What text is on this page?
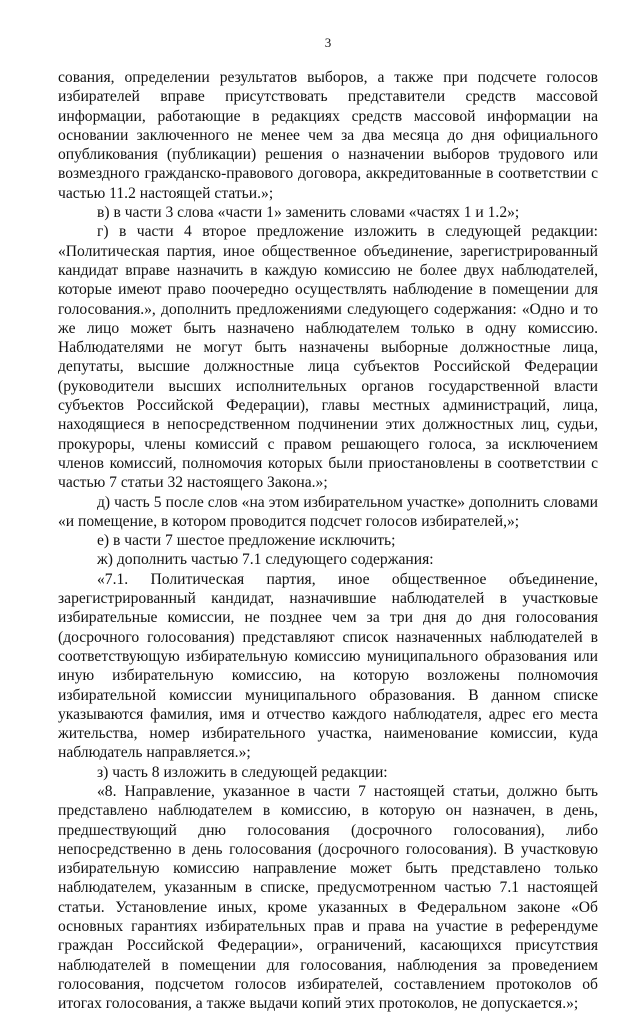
3

сования, определении результатов выборов, а также при подсчете голосов избирателей вправе присутствовать представители средств массовой информации, работающие в редакциях средств массовой информации на основании заключенного не менее чем за два месяца до дня официального опубликования (публикации) решения о назначении выборов трудового или возмездного гражданско-правового договора, аккредитованные в соответствии с частью 11.2 настоящей статьи.»;

в) в части 3 слова «части 1» заменить словами «частях 1 и 1.2»;

г) в части 4 второе предложение изложить в следующей редакции: «Политическая партия, иное общественное объединение, зарегистрированный кандидат вправе назначить в каждую комиссию не более двух наблюдателей, которые имеют право поочередно осуществлять наблюдение в помещении для голосования.», дополнить предложениями следующего содержания: «Одно и то же лицо может быть назначено наблюдателем только в одну комиссию. Наблюдателями не могут быть назначены выборные должностные лица, депутаты, высшие должностные лица субъектов Российской Федерации (руководители высших исполнительных органов государственной власти субъектов Российской Федерации), главы местных администраций, лица, находящиеся в непосредственном подчинении этих должностных лиц, судьи, прокуроры, члены комиссий с правом решающего голоса, за исключением членов комиссий, полномочия которых были приостановлены в соответствии с частью 7 статьи 32 настоящего Закона.»;

д) часть 5 после слов «на этом избирательном участке» дополнить словами «и помещение, в котором проводится подсчет голосов избирателей,»;

е) в части 7 шестое предложение исключить;

ж) дополнить частью 7.1 следующего содержания:

«7.1. Политическая партия, иное общественное объединение, зарегистрированный кандидат, назначившие наблюдателей в участковые избирательные комиссии, не позднее чем за три дня до дня голосования (досрочного голосования) представляют список назначенных наблюдателей в соответствующую избирательную комиссию муниципального образования или иную избирательную комиссию, на которую возложены полномочия избирательной комиссии муниципального образования. В данном списке указываются фамилия, имя и отчество каждого наблюдателя, адрес его места жительства, номер избирательного участка, наименование комиссии, куда наблюдатель направляется.»;

з) часть 8 изложить в следующей редакции:

«8. Направление, указанное в части 7 настоящей статьи, должно быть представлено наблюдателем в комиссию, в которую он назначен, в день, предшествующий дню голосования (досрочного голосования), либо непосредственно в день голосования (досрочного голосования). В участковую избирательную комиссию направление может быть представлено только наблюдателем, указанным в списке, предусмотренном частью 7.1 настоящей статьи. Установление иных, кроме указанных в Федеральном законе «Об основных гарантиях избирательных прав и права на участие в референдуме граждан Российской Федерации», ограничений, касающихся присутствия наблюдателей в помещении для голосования, наблюдения за проведением голосования, подсчетом голосов избирателей, составлением протоколов об итогах голосования, а также выдачи копий этих протоколов, не допускается.»;
